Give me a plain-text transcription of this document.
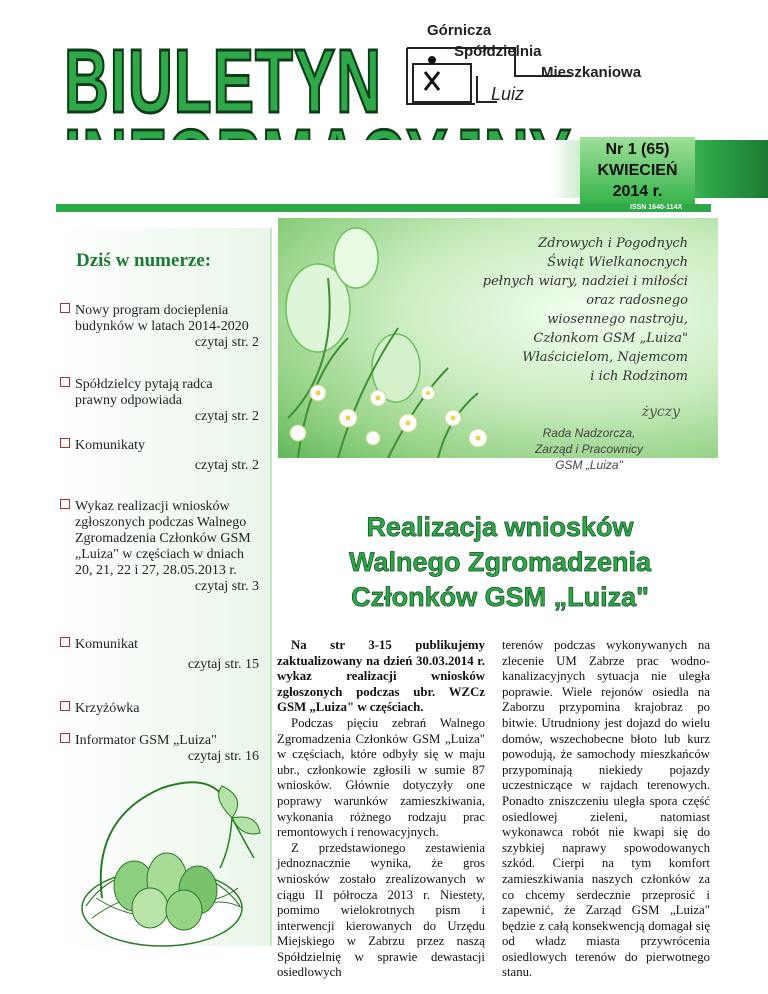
BIULETYN
Górnicza
Spółdzielnia
Mieszkaniowa
Luiz
Nr 1 (65)
KWIECIEŃ
2014 r.
ISSN 1640-114X
Dziś w numerze:
Nowy program docieplenia budynków w latach 2014-2020
czytaj str. 2
Spółdzielcy pytają radca prawny odpowiada
czytaj str. 2
Komunikaty
czytaj str. 2
Wykaz realizacji wniosków zgłoszonych podczas Walnego Zgromadzenia Członków GSM „Luiza" w częściach w dniach 20, 21, 22 i 27, 28.05.2013 r.
czytaj str. 3
Komunikat
czytaj str. 15
Krzyżówka
Informator GSM „Luiza"
czytaj str. 16
Zdrowych i Pogodnych
Świąt Wielkanocnych
pełnych wiary, nadziei i miłości
oraz radosnego
wiosennego nastroju,
Członkom GSM „Luiza"
Właścicielom, Najemcom
i ich Rodzinom
życzy
Rada Nadzorcza,
Zarząd i Pracownicy
GSM „Luiza"
Realizacja wniosków
Walnego Zgromadzenia
Członków GSM „Luiza"

Na str 3-15 publikujemy zaktualizowany na dzień 30.03.2014 r. wykaz realizacji wniosków zgłoszonych podczas ubr. WZCz GSM „Luiza" w częściach.

Podczas pięciu zebrań Walnego Zgromadzenia Członków GSM „Luiza" w częściach, które odbyły się w maju ubr., członkowie zgłosili w sumie 87 wniosków. Głównie dotyczyły one poprawy warunków zamieszkiwania, wykonania różnego rodzaju prac remontowych i renowacyjnych.

Z przedstawionego zestawienia jednoznacznie wynika, że gros wniosków zostało zrealizowanych w ciągu II półrocza 2013 r. Niestety, pomimo wielokrotnych pism i interwencji kierowanych do Urzędu Miejskiego w Zabrzu przez naszą Spółdzielnię w sprawie dewastacji osiedlowych

terenów podczas wykonywanych na zlecenie UM Zabrze prac wodno-kanalizacyjnych sytuacja nie uległa poprawie. Wiele rejonów osiedla na Zaborzu przypomina krajobraz po bitwie. Utrudniony jest dojazd do wielu domów, wszechobecne błoto lub kurz powodują, że samochody mieszkańców przypominają niekiedy pojazdy uczestniczące w rajdach terenowych. Ponadto zniszczeniu uległa spora część osiedlowej zieleni, natomiast wykonawca robót nie kwapi się do szybkiej naprawy spowodowanych szkód. Cierpi na tym komfort zamieszkiwania naszych członków za co chcemy serdecznie przeprosić i zapewnić, że Zarząd GSM „Luiza" będzie z całą konsekwencją domagał się od władz miasta przywrócenia osiedlowych terenów do pierwotnego stanu.
